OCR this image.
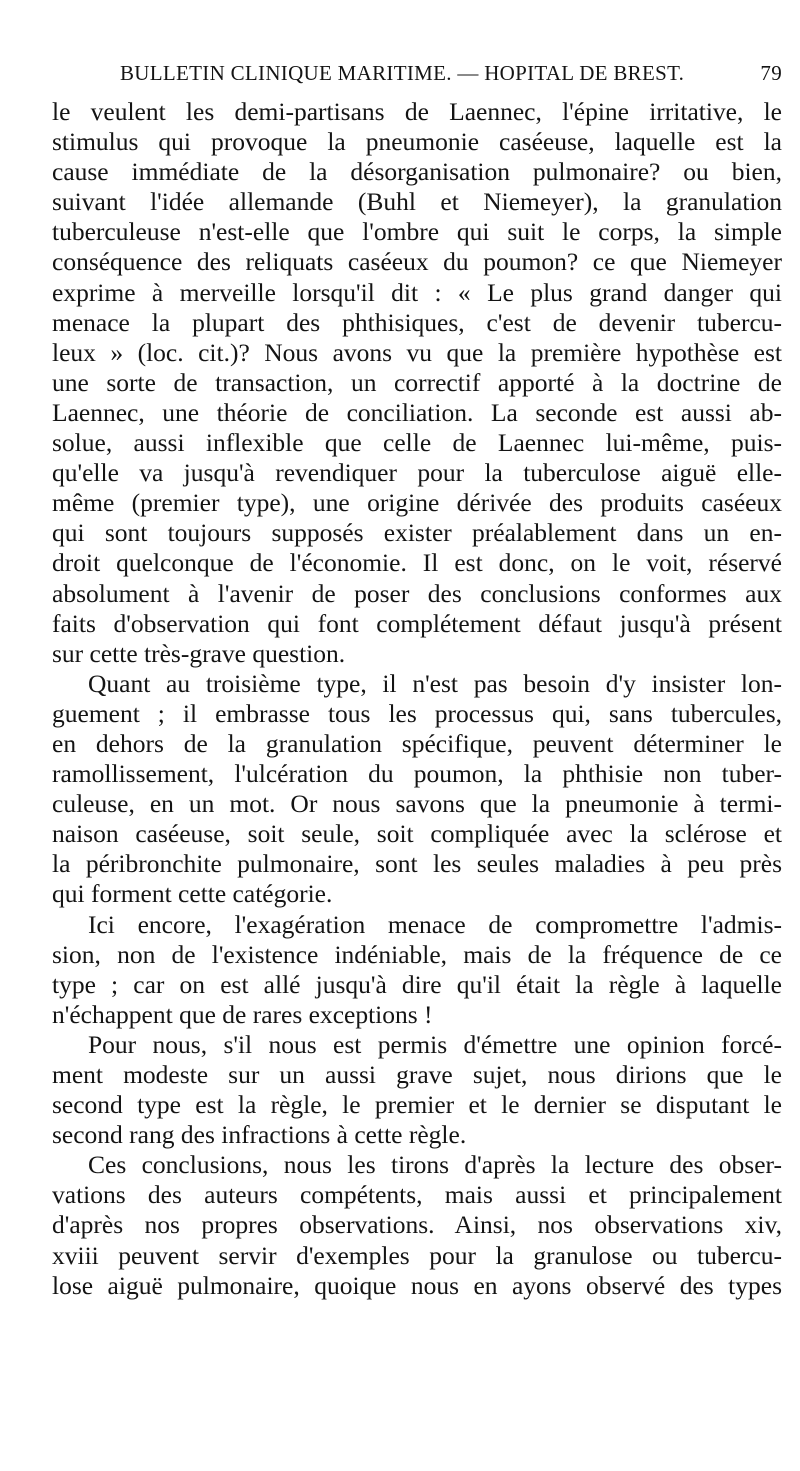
BULLETIN CLINIQUE MARITIME. — HOPITAL DE BREST.	79
le veulent les demi-partisans de Laennec, l'épine irritative, le
stimulus qui provoque la pneumonie caséeuse, laquelle est la
cause immédiate de la désorganisation pulmonaire? ou bien,
suivant l'idée allemande (Buhl et Niemeyer), la granulation
tuberculeuse n'est-elle que l'ombre qui suit le corps, la simple
conséquence des reliquats caséeux du poumon? ce que Niemeyer
exprime à merveille lorsqu'il dit : « Le plus grand danger qui
menace la plupart des phthisiques, c'est de devenir tubercu-
leux » (loc. cit.)? Nous avons vu que la première hypothèse est
une sorte de transaction, un correctif apporté à la doctrine de
Laennec, une théorie de conciliation. La seconde est aussi ab-
solue, aussi inflexible que celle de Laennec lui-même, puis-
qu'elle va jusqu'à revendiquer pour la tuberculose aiguë elle-
même (premier type), une origine dérivée des produits caséeux
qui sont toujours supposés exister préalablement dans un en-
droit quelconque de l'économie. Il est donc, on le voit, réservé
absolument à l'avenir de poser des conclusions conformes aux
faits d'observation qui font complétement défaut jusqu'à présent
sur cette très-grave question.
Quant au troisième type, il n'est pas besoin d'y insister lon-
guement ; il embrasse tous les processus qui, sans tubercules,
en dehors de la granulation spécifique, peuvent déterminer le
ramollissement, l'ulcération du poumon, la phthisie non tuber-
culeuse, en un mot. Or nous savons que la pneumonie à termi-
naison caséeuse, soit seule, soit compliquée avec la sclérose et
la péribronchite pulmonaire, sont les seules maladies à peu près
qui forment cette catégorie.
Ici encore, l'exagération menace de compromettre l'admis-
sion, non de l'existence indéniable, mais de la fréquence de ce
type ; car on est allé jusqu'à dire qu'il était la règle à laquelle
n'échappent que de rares exceptions !
Pour nous, s'il nous est permis d'émettre une opinion forcé-
ment modeste sur un aussi grave sujet, nous dirions que le
second type est la règle, le premier et le dernier se disputant le
second rang des infractions à cette règle.
Ces conclusions, nous les tirons d'après la lecture des obser-
vations des auteurs compétents, mais aussi et principalement
d'après nos propres observations. Ainsi, nos observations xiv,
xviii peuvent servir d'exemples pour la granulose ou tubercu-
lose aiguë pulmonaire, quoique nous en ayons observé des types
